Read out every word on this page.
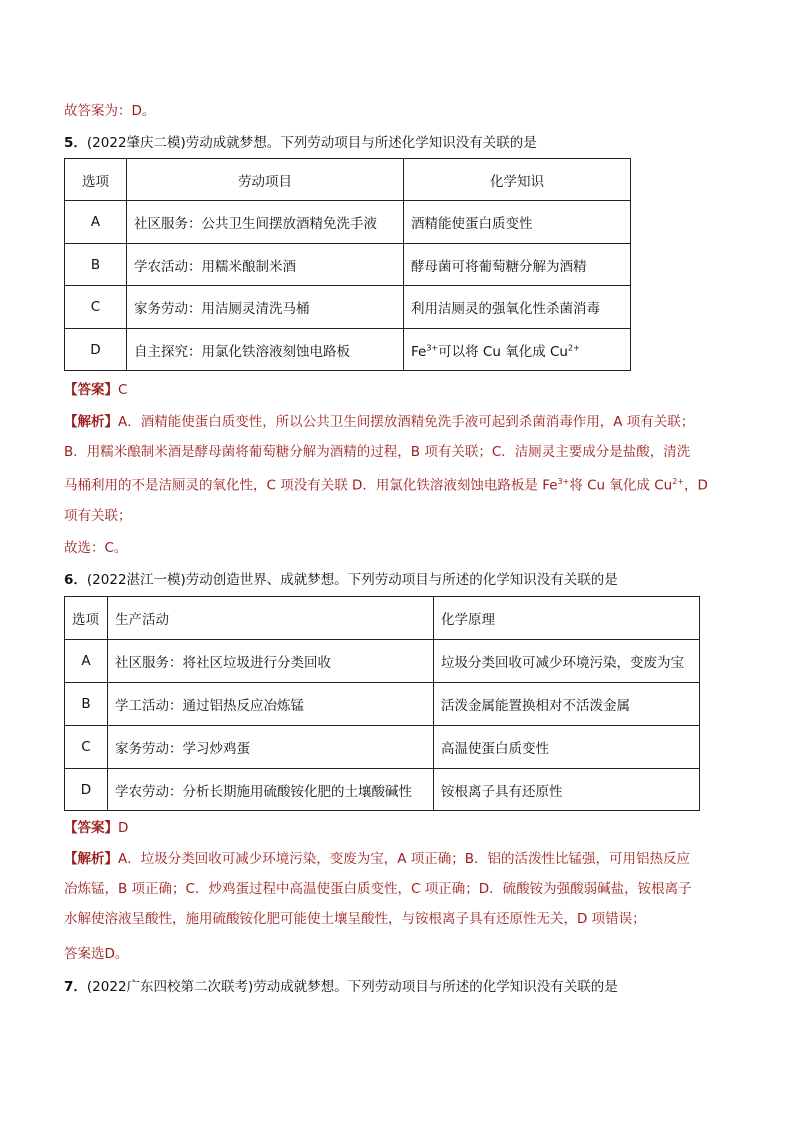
故答案为：D。
5．(2022肇庆二模)劳动成就梦想。下列劳动项目与所述化学知识没有关联的是
选项	劳动项目	化学知识
A	社区服务：公共卫生间摆放酒精免洗手液	酒精能使蛋白质变性
B	学农活动：用糯米酿制米酒	酵母菌可将葡萄糖分解为酒精
C	家务劳动：用洁厕灵清洗马桶	利用洁厕灵的强氧化性杀菌消毒
D	自主探究：用氯化铁溶液刻蚀电路板	$Fe^{3+}$可以将 Cu 氧化成 $Cu^{2+}$
【答案】C
【解析】A．酒精能使蛋白质变性，所以公共卫生间摆放酒精免洗手液可起到杀菌消毒作用，A 项有关联；
B．用糯米酿制米酒是酵母菌将葡萄糖分解为酒精的过程，B 项有关联；C．洁厕灵主要成分是盐酸，清洗
马桶利用的不是洁厕灵的氧化性，C 项没有关联 D．用氯化铁溶液刻蚀电路板是 $Fe^{3+}$将 Cu 氧化成 $Cu^{2+}$，D
项有关联；
故选：C。
6．(2022湛江一模)劳动创造世界、成就梦想。下列劳动项目与所述的化学知识没有关联的是
选项	生产活动	化学原理
A	社区服务：将社区垃圾进行分类回收	垃圾分类回收可减少环境污染，变废为宝
B	学工活动：通过铝热反应冶炼锰	活泼金属能置换相对不活泼金属
C	家务劳动：学习炒鸡蛋	高温使蛋白质变性
D	学农劳动：分析长期施用硫酸铵化肥的土壤酸碱性	铵根离子具有还原性
【答案】D
【解析】A．垃圾分类回收可减少环境污染，变废为宝，A 项正确；B．铝的活泼性比锰强，可用铝热反应
冶炼锰，B 项正确；C．炒鸡蛋过程中高温使蛋白质变性，C 项正确；D．硫酸铵为强酸弱碱盐，铵根离子
水解使溶液呈酸性，施用硫酸铵化肥可能使土壤呈酸性，与铵根离子具有还原性无关，D 项错误；
答案选D。
7．(2022广东四校第二次联考)劳动成就梦想。下列劳动项目与所述的化学知识没有关联的是
